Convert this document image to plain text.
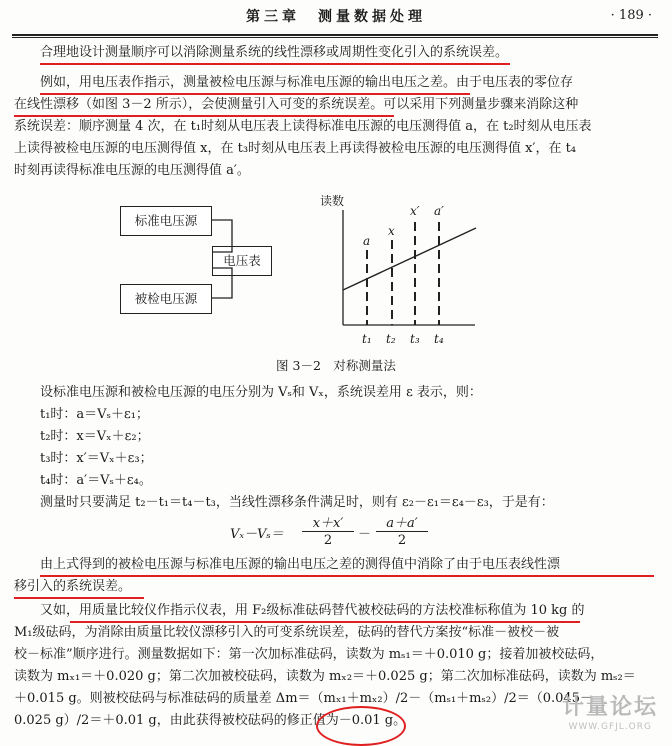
第三章　测量数据处理	· 189 ·
合理地设计测量顺序可以消除测量系统的线性漂移或周期性变化引入的系统误差。
例如，用电压表作指示，测量被检电压源与标准电压源的输出电压之差。由于电压表的零位存
在线性漂移（如图 3－2 所示），会使测量引入可变的系统误差。可以采用下列测量步骤来消除这种
系统误差：顺序测量 4 次，在 t₁时刻从电压表上读得标准电压源的电压测得值 a，在 t₂时刻从电压表
上读得被检电压源的电压测得值 x，在 t₃时刻从电压表上再读得被检电压源的电压测得值 x′，在 t₄
时刻再读得标准电压源的电压测得值 a′。
标准电压源
被检电压源
电压表
读数
a
x
x′ a′
t₁ t₂ t₃ t₄
图 3－2　对称测量法
设标准电压源和被检电压源的电压分别为 Vₛ和 Vₓ，系统误差用 ε 表示，则：
t₁时：a＝Vₛ＋ε₁；
t₂时：x＝Vₓ＋ε₂；
t₃时：x′＝Vₓ＋ε₃；
t₄时：a′＝Vₛ＋ε₄。
测量时只要满足 t₂－t₁＝t₄－t₃，当线性漂移条件满足时，则有 ε₂－ε₁＝ε₄－ε₃，于是有：
Vₓ－Vₛ＝
x＋x′
2	－
a＋a′
2
由上式得到的被检电压源与标准电压源的输出电压之差的测得值中消除了由于电压表线性漂
移引入的系统误差。
又如，用质量比较仪作指示仪表，用 F₂级标准砝码替代被校砝码的方法校准标称值为 10 kg 的
M₁级砝码，为消除由质量比较仪漂移引入的可变系统误差，砝码的替代方案按“标准－被校－被
校－标准”顺序进行。测量数据如下：第一次加标准砝码，读数为 mₛ₁＝＋0.010 g；接着加被校砝码，
读数为 mₓ₁＝＋0.020 g；第二次加被校砝码，读数为 mₓ₂＝＋0.025 g；第二次加标准砝码，读数为 mₛ₂＝
＋0.015 g。则被校砝码与标准砝码的质量差 Δm＝（mₓ₁＋mₓ₂）/2－（mₛ₁＋mₛ₂）/2＝（0.045－
0.025 g）/2＝＋0.01 g，由此获得被校砝码的修正值为－0.01 g。
计量论坛
WWW.GFJL.ORG
